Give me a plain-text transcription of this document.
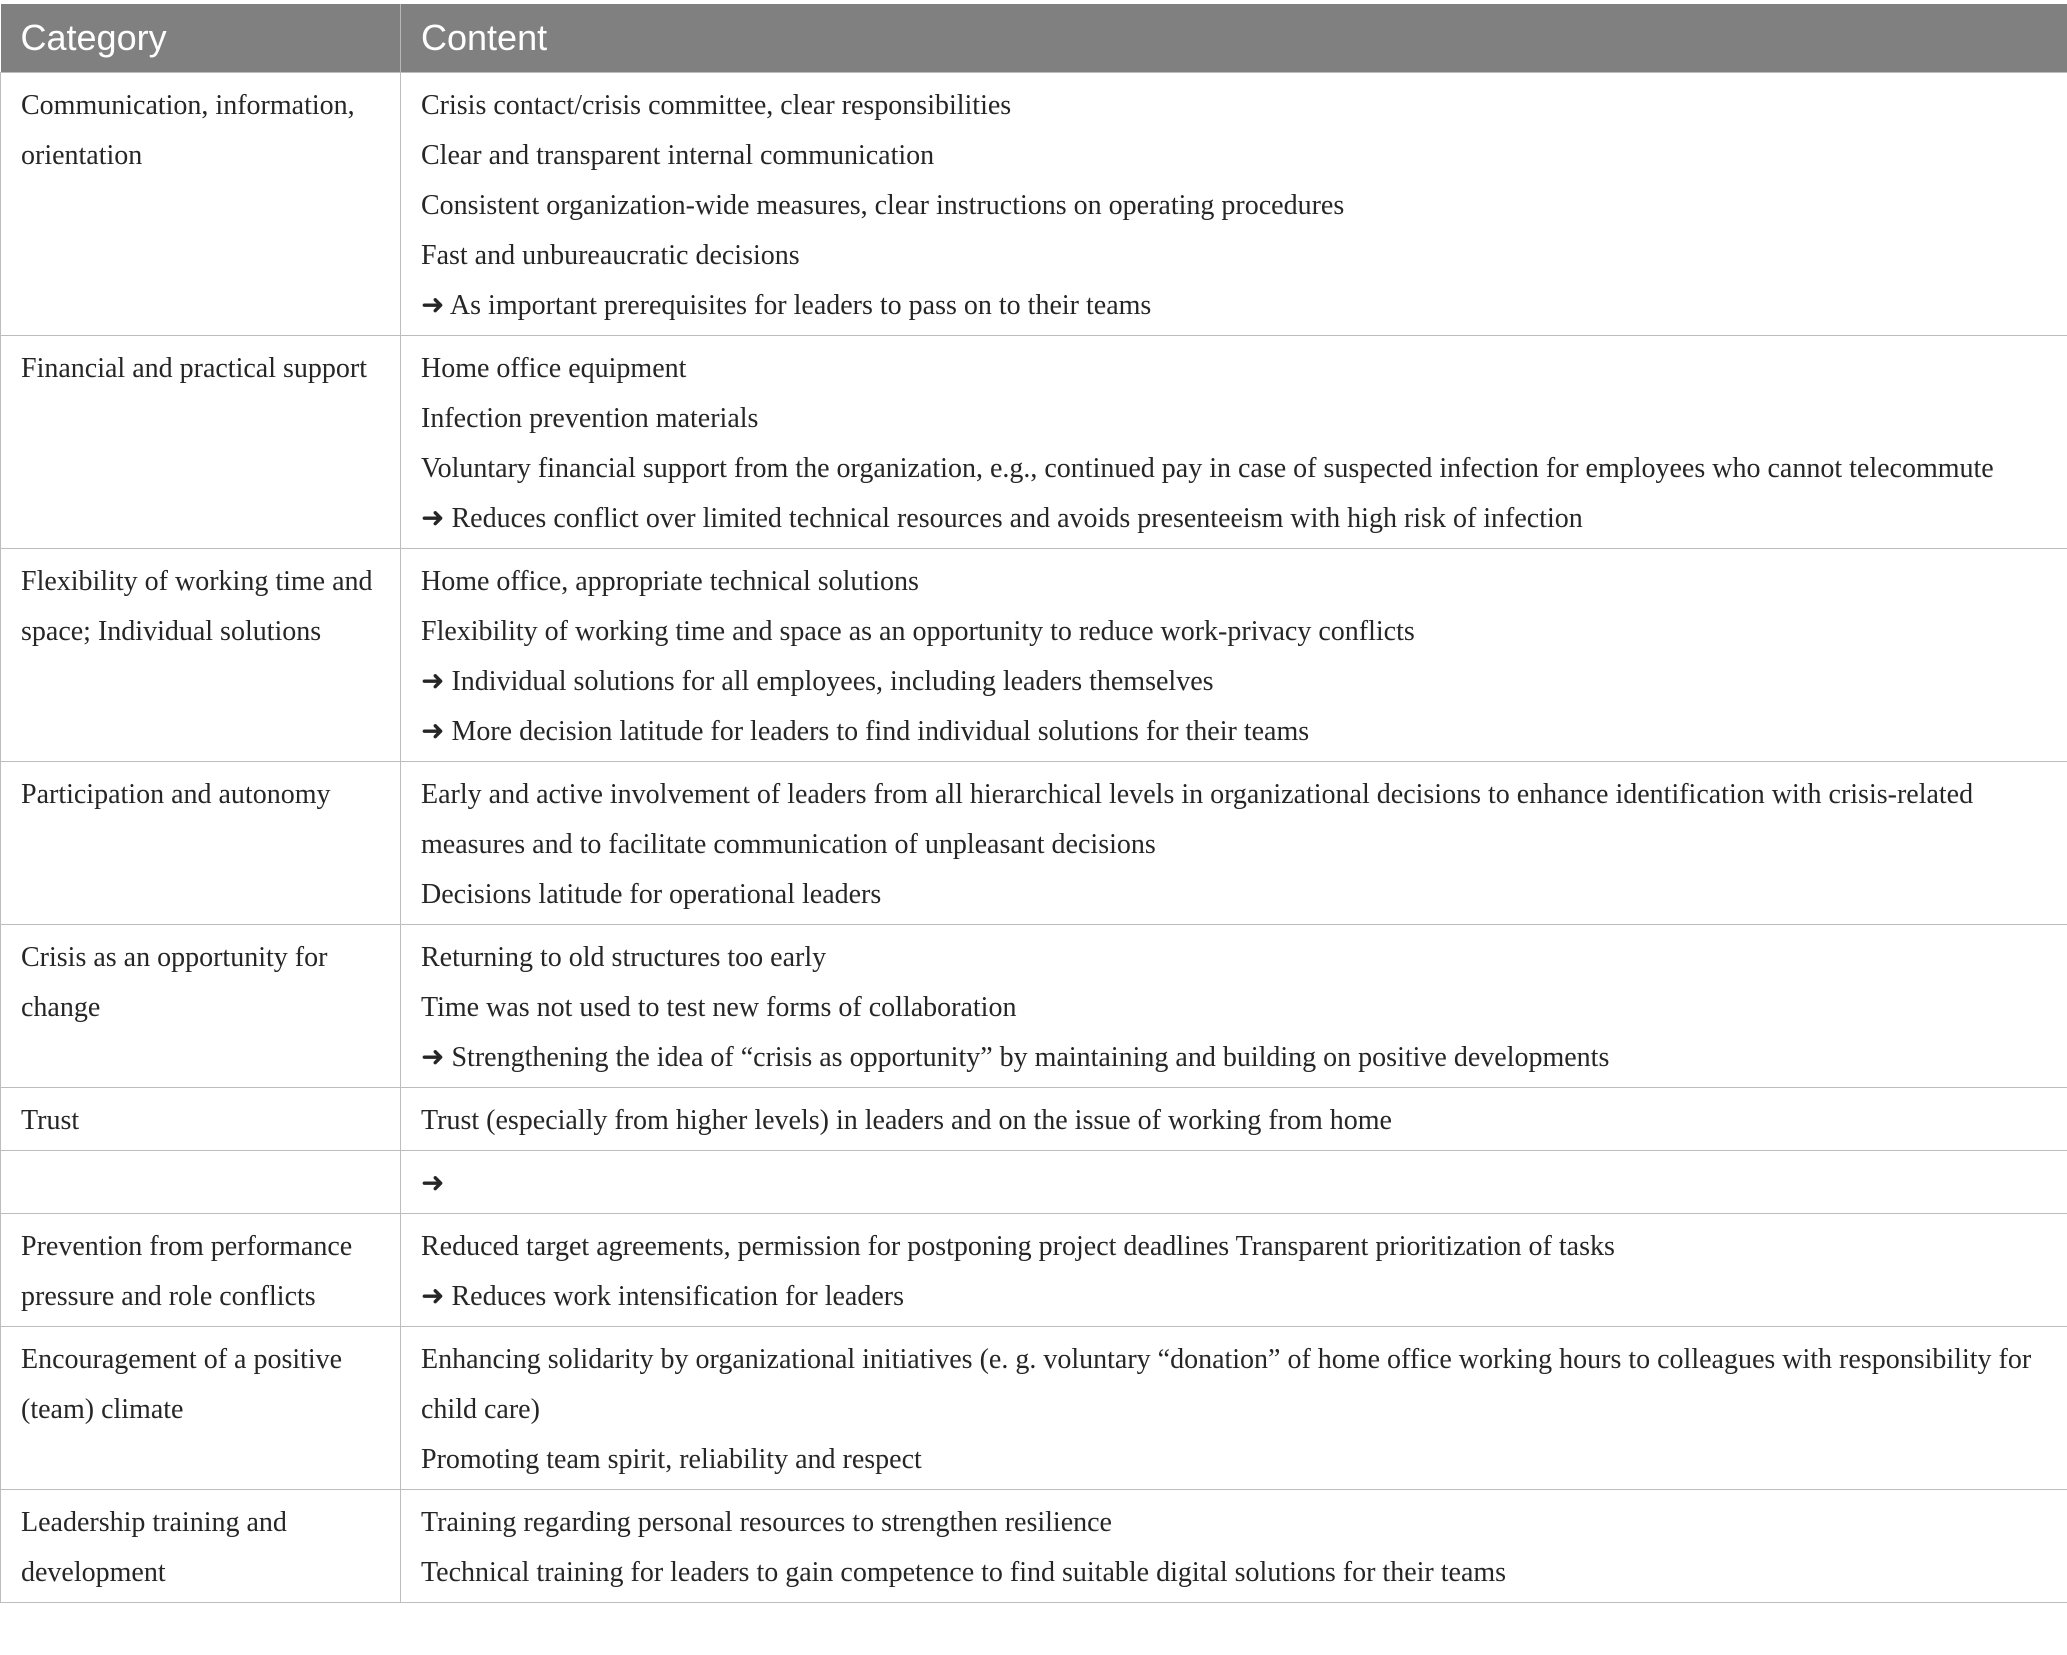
Category	Content
Communication, information, orientation	Crisis contact/crisis committee, clear responsibilities
Clear and transparent internal communication
Consistent organization-wide measures, clear instructions on operating procedures
Fast and unbureaucratic decisions
➜ As important prerequisites for leaders to pass on to their teams

Financial and practical support	Home office equipment
Infection prevention materials
Voluntary financial support from the organization, e.g., continued pay in case of suspected infection for employees who cannot telecommute
➜ Reduces conflict over limited technical resources and avoids presenteeism with high risk of infection

Flexibility of working time and space; Individual solutions	Home office, appropriate technical solutions
Flexibility of working time and space as an opportunity to reduce work-privacy conflicts
➜ Individual solutions for all employees, including leaders themselves
➜ More decision latitude for leaders to find individual solutions for their teams

Participation and autonomy	Early and active involvement of leaders from all hierarchical levels in organizational decisions to enhance identification with crisis-related measures and to facilitate communication of unpleasant decisions
Decisions latitude for operational leaders

Crisis as an opportunity for change	Returning to old structures too early
Time was not used to test new forms of collaboration
➜ Strengthening the idea of “crisis as opportunity” by maintaining and building on positive developments

Trust	Trust (especially from higher levels) in leaders and on the issue of working from home

	➜

Prevention from performance pressure and role conflicts	Reduced target agreements, permission for postponing project deadlines Transparent prioritization of tasks
➜ Reduces work intensification for leaders

Encouragement of a positive (team) climate	Enhancing solidarity by organizational initiatives (e. g. voluntary “donation” of home office working hours to colleagues with responsibility for child care)
Promoting team spirit, reliability and respect

Leadership training and development	Training regarding personal resources to strengthen resilience
Technical training for leaders to gain competence to find suitable digital solutions for their teams
